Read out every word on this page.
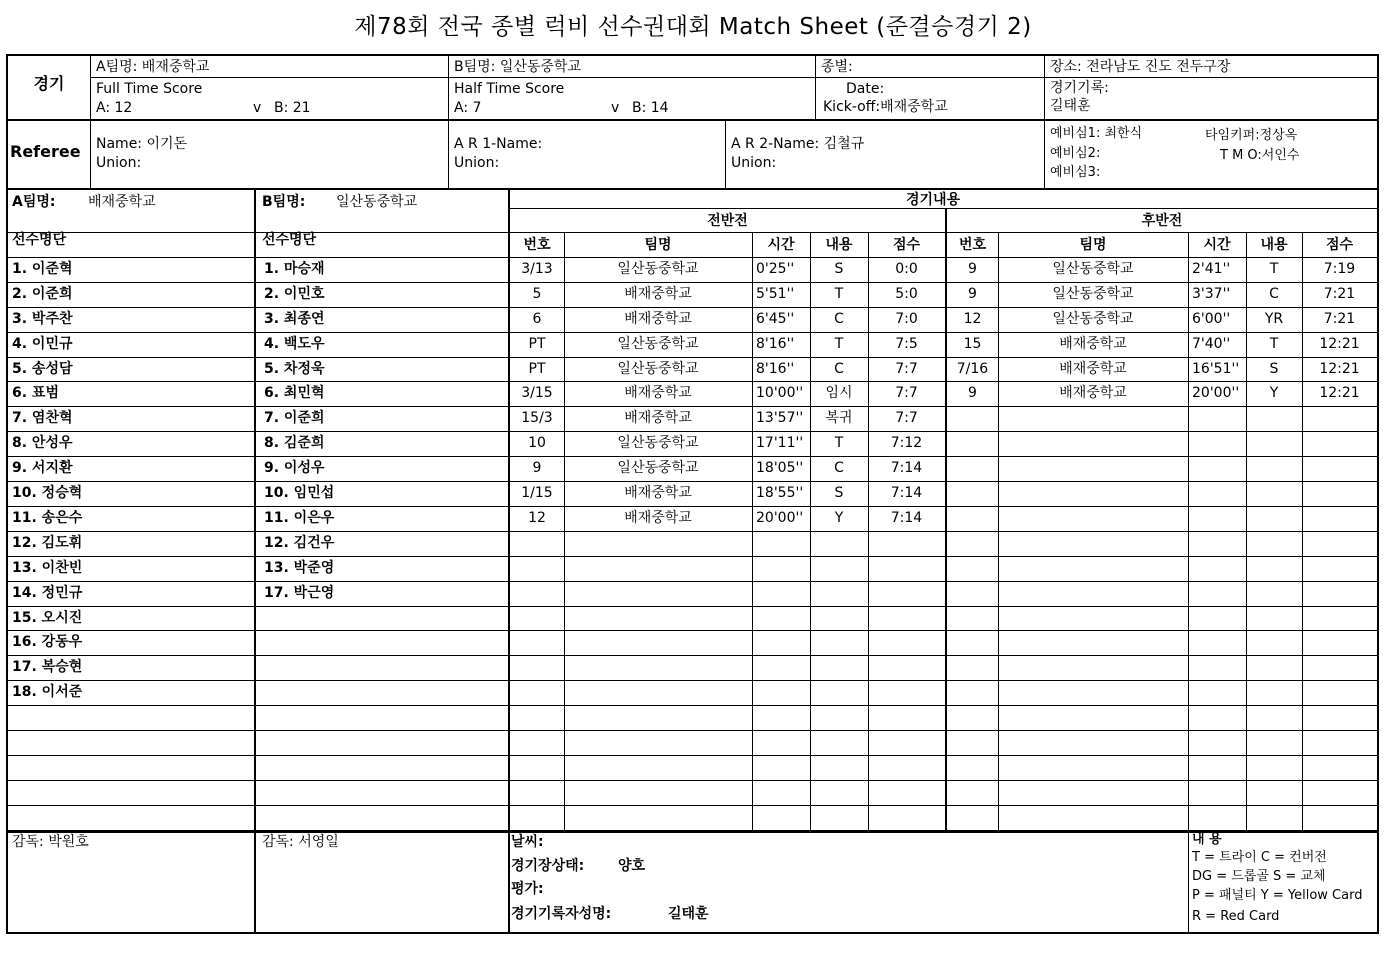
제78회 전국 종별 럭비 선수권대회 Match Sheet (준결승경기 2)
경기
A팀명: 배재중학교	B팀명: 일산동중학교	종별:	장소: 전라남도 진도 전두구장
Full Time Score
A: 12	v B: 21
Half Time Score
A: 7	v B: 14
Date:
Kick-off:배재중학교
경기기록:
길태훈
Referee Name: 이기돈
Union:
A R 1-Name:
Union:
A R 2-Name: 김철규
Union:
예비심1: 최한식
예비심2:
예비심3:
타임키퍼:정상옥
T M O:서인수
A팀명: 배재중학교	B팀명: 일산동중학교	경기내용
전반전	후반전
선수명단	선수명단	번호	팀명	시간	내용	점수	번호	팀명	시간	내용	점수
1. 이준혁
2. 이준희
3. 박주찬
4. 이민규
5. 송성담
6. 표범
7. 염찬혁
8. 안성우
9. 서지환
10. 정승혁
11. 송은수
12. 김도휘
13. 이찬빈
14. 정민규
15. 오시진
16. 강동우
17. 복승현
18. 이서준
1. 마승재
2. 이민호
3. 최종연
4. 백도우
5. 차정욱
6. 최민혁
7. 이준희
8. 김준희
9. 이성우
10. 임민섭
11. 이은우
12. 김건우
13. 박준영
17. 박근영
3/13	일산동중학교	0'25''	S	0:0
5	배재중학교	5'51''	T	5:0
6	배재중학교	6'45''	C	7:0
PT	일산동중학교	8'16''	T	7:5
PT	일산동중학교	8'16''	C	7:7
3/15	배재중학교	10'00''	임시	7:7
15/3	배재중학교	13'57''	복귀	7:7
10	일산동중학교	17'11''	T	7:12
9	일산동중학교	18'05''	C	7:14
1/15	배재중학교	18'55''	S	7:14
12	배재중학교	20'00''	Y	7:14
9	일산동중학교	2'41''	T	7:19
9	일산동중학교	3'37''	C	7:21
12	일산동중학교	6'00''	YR	7:21
15	배재중학교	7'40''	T	12:21
7/16	배재중학교	16'51''	S	12:21
9	배재중학교	20'00''	Y	12:21
감독: 박원호	감독: 서영일	날씨:
경기장상태: 양호
평가:
경기기록자성명:	길태훈
내 용
T = 트라이 C = 컨버전
DG = 드롭골 S = 교체
P = 패널티 Y = Yellow Card
R = Red Card
